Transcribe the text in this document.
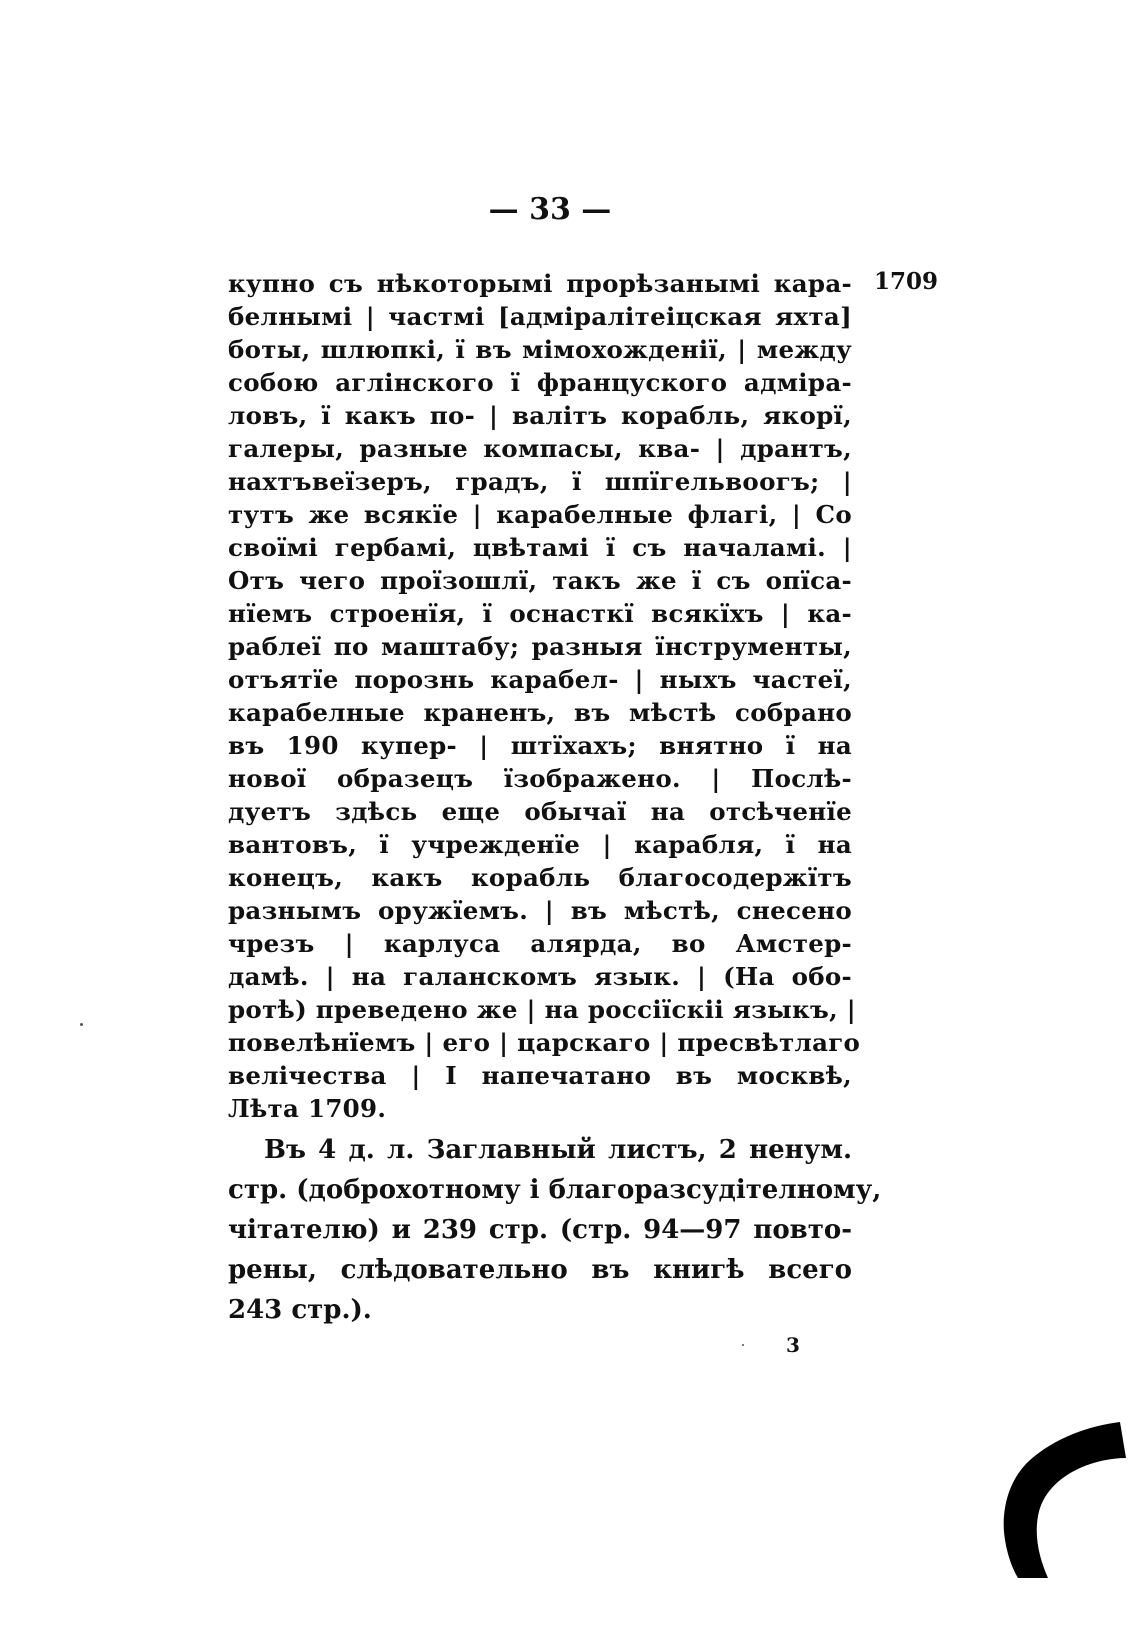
— 33 —
1709
купно съ нѣкоторымі прорѣзанымі кара-
белнымі | частмі [адміралітеіцская яхта]
боты, шлюпкі, ї въ мімохожденії, | между
собою аглінского ї француского адміра-
ловъ, ї какъ по- | валітъ корабль, якорї,
галеры, разные компасы, ква- | дрантъ,
нахтъвеїзеръ, градъ, ї шпїгельвоогъ; |
тутъ же всякїе | карабелные флагі, | Со
своїмі гербамі, цвѣтамі ї съ началамі. |
Отъ чего проїзошлї, такъ же ї съ опїса-
нїемъ строенїя, ї оснасткї всякїхъ | ка-
раблеї по маштабу; разныя їнструменты,
отъятїе порознь карабел- | ныхъ частеї,
карабелные краненъ, въ мѣстѣ собрано
въ 190 купер- | штїхахъ; внятно ї на
нової образецъ їзображено. | Послѣ-
дуетъ здѣсь еще обычаї на отсѣченїе
вантовъ, ї учрежденїе | карабля, ї на
конецъ, какъ корабль благосодержїтъ
разнымъ оружїемъ. | въ мѣстѣ, снесено
чрезъ | карлуса алярда, во Амстер-
дамѣ. | на галанскомъ язык. | (На обо-
ротѣ) преведено же | на россіїскіі языкъ, |
повелѣнїемъ | его | царскаго | пресвѣтлаго
велічества | І напечатано въ москвѣ,
Лѣта 1709.
Въ 4 д. л. Заглавный листъ, 2 ненум.
стр. (доброхотному і благоразсудітелному,
чітателю) и 239 стр. (стр. 94—97 повто-
рены, слѣдовательно въ книгѣ всего
243 стр.).
3
